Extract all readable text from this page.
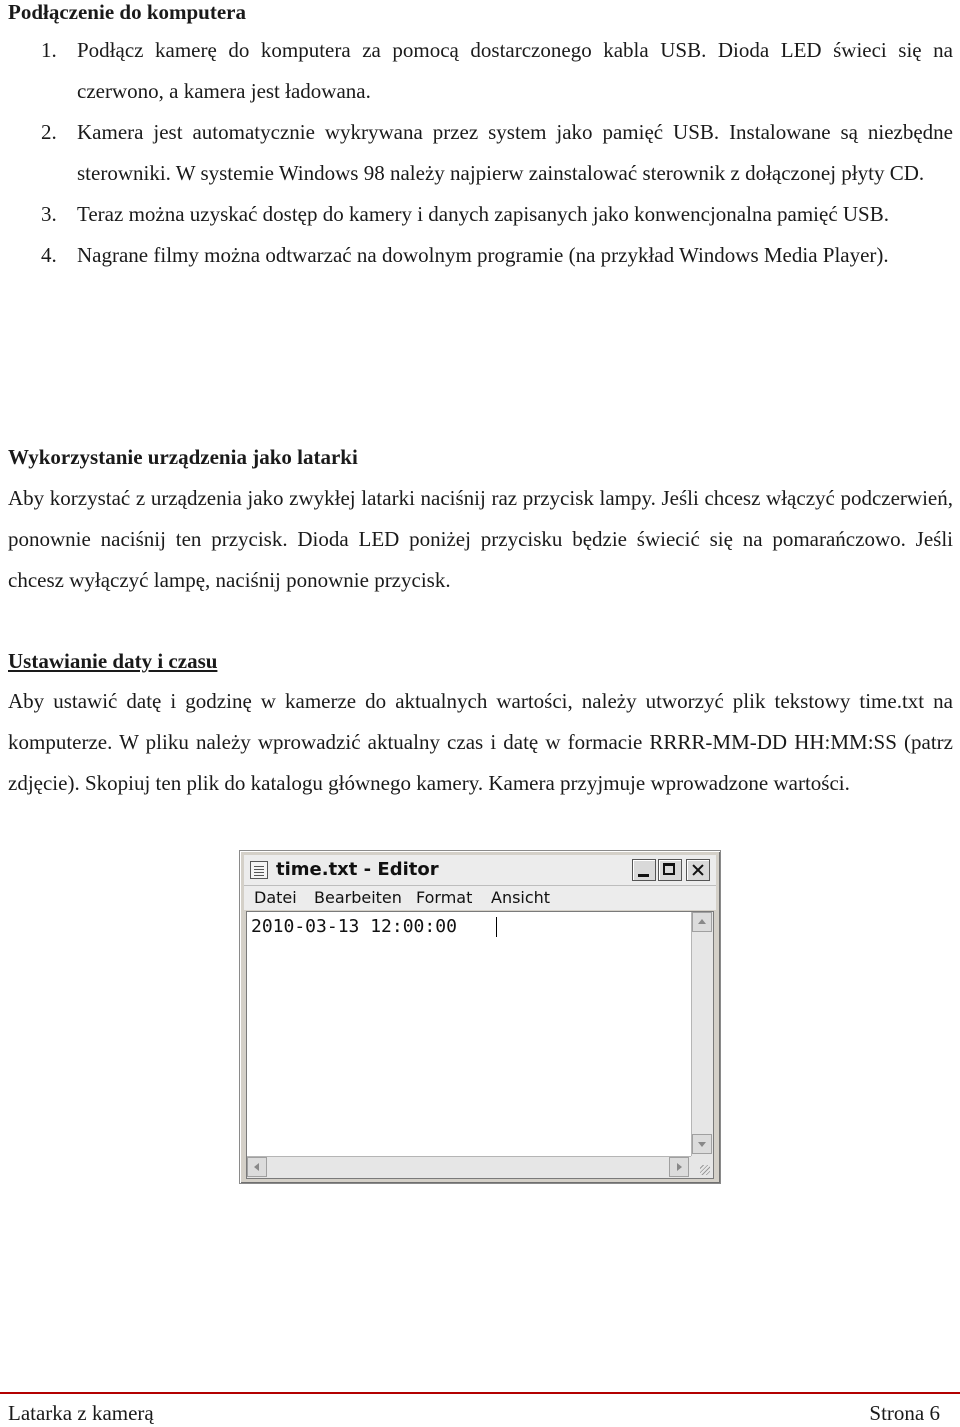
Podłączenie do komputera
1. Podłącz kamerę do komputera za pomocą dostarczonego kabla USB. Dioda LED świeci się na czerwono, a kamera jest ładowana.
2. Kamera jest automatycznie wykrywana przez system jako pamięć USB. Instalowane są niezbędne sterowniki. W systemie Windows 98 należy najpierw zainstalować sterownik z dołączonej płyty CD.
3. Teraz można uzyskać dostęp do kamery i danych zapisanych jako konwencjonalna pamięć USB.
4. Nagrane filmy można odtwarzać na dowolnym programie (na przykład Windows Media Player).
Wykorzystanie urządzenia jako latarki

Aby korzystać z urządzenia jako zwykłej latarki naciśnij raz przycisk lampy. Jeśli chcesz włączyć podczerwień, ponownie naciśnij ten przycisk. Dioda LED poniżej przycisku będzie świecić się na pomarańczowo. Jeśli chcesz wyłączyć lampę, naciśnij ponownie przycisk.

Ustawianie daty i czasu

Aby ustawić datę i godzinę w kamerze do aktualnych wartości, należy utworzyć plik tekstowy time.txt na komputerze. W pliku należy wprowadzić aktualny czas i datę w formacie RRRR-MM-DD HH:MM:SS (patrz zdjęcie). Skopiuj ten plik do katalogu głównego kamery. Kamera przyjmuje wprowadzone wartości.

time.txt - Editor
Datei Bearbeiten Format Ansicht
2010-03-13 12:00:00
Latarka z kamerą	Strona 6
